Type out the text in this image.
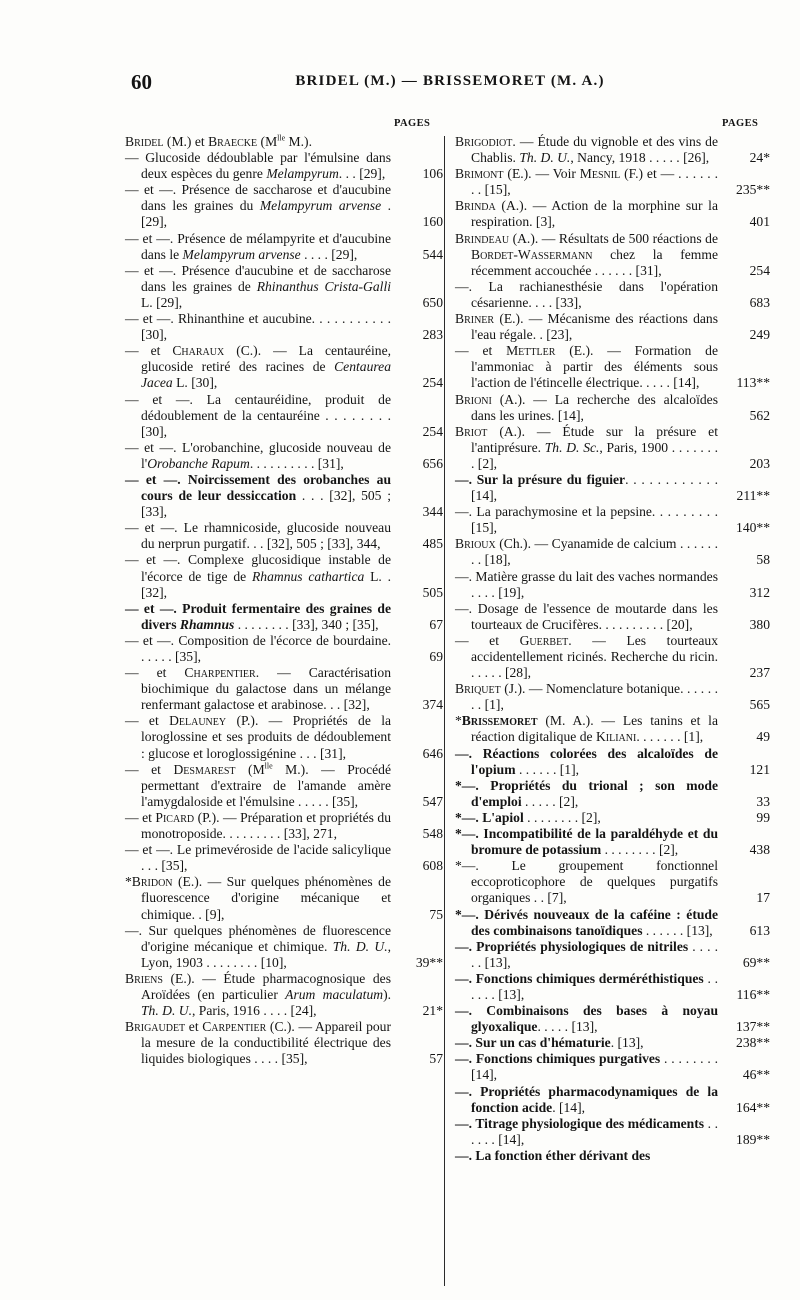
60	BRIDEL (M.) — BRISSEMORET (M. A.)
PAGES	PAGES
Bridel (M.) et Braecke ($M^{lle}$ M.).
— Glucoside dédoublable par l'émulsine dans deux espèces du genre Melampyrum. . . [29],	106
— et —. Présence de saccharose et d'aucubine dans les graines du Melampyrum arvense . [29],	160
— et —. Présence de mélampyrite et d'aucubine dans le Melampyrum arvense . . . . [29],	544
— et —. Présence d'aucubine et de saccharose dans les graines de Rhinanthus Crista-Galli L. [29],	650
— et —. Rhinanthine et aucubine. . . . . . . . . . . [30],	283
— et Charaux (C.). — La centauréine, glucoside retiré des racines de Centaurea Jacea L. [30],	254
— et —. La centauréidine, produit de dédoublement de la centauréine . . . . . . . . [30],	254
— et —. L'orobanchine, glucoside nouveau de l'Orobanche Rapum. . . . . . . . . . [31],	656
— et —. Noircissement des orobanches au cours de leur dessiccation . . . [32], 505 ; [33],	344
— et —. Le rhamnicoside, glucoside nouveau du nerprun purgatif. . . [32], 505 ; [33], 344,	485
— et —. Complexe glucosidique instable de l'écorce de tige de Rhamnus cathartica L. . [32],	505
— et —. Produit fermentaire des graines de divers Rhamnus . . . . . . . . [33], 340 ; [35],	67
— et —. Composition de l'écorce de bourdaine. . . . . . [35],	69
— et Charpentier. — Caractérisation biochimique du galactose dans un mélange renfermant galactose et arabinose. . . [32],	374
— et Delauney (P.). — Propriétés de la loroglossine et ses produits de dédoublement : glucose et loroglossigénine . . . [31],	646
— et Desmarest ($M^{lle}$ M.). — Procédé permettant d'extraire de l'amande amère l'amygdaloside et l'émulsine . . . . . [35],	547
— et Picard (P.). — Préparation et propriétés du monotroposide. . . . . . . . . [33], 271,	548
— et —. Le primevéroside de l'acide salicylique . . . [35],	608
*Bridon (E.). — Sur quelques phénomènes de fluorescence d'origine mécanique et chimique. . [9],	75
—. Sur quelques phénomènes de fluorescence d'origine mécanique et chimique. Th. D. U., Lyon, 1903 . . . . . . . . [10],	39**
Briens (E.). — Étude pharmacognosique des Aroïdées (en particulier Arum maculatum). Th. D. U., Paris, 1916 . . . . [24],	21*
Brigaudet et Carpentier (C.). — Appareil pour la mesure de la conductibilité électrique des liquides biologiques . . . . [35],	57
Brigodiot. — Étude du vignoble et des vins de Chablis. Th. D. U., Nancy, 1918 . . . . . [26],	24*
Brimont (E.). — Voir Mesnil (F.) et — . . . . . . . . [15],	235**
Brinda (A.). — Action de la morphine sur la respiration. [3],	401
Brindeau (A.). — Résultats de 500 réactions de Bordet-Wassermann chez la femme récemment accouchée . . . . . . [31],	254
—. La rachianesthésie dans l'opération césarienne. . . . [33],	683
Briner (E.). — Mécanisme des réactions dans l'eau régale. . [23],	249
— et Mettler (E.). — Formation de l'ammoniac à partir des éléments sous l'action de l'étincelle électrique. . . . . [14],	113**
Brioni (A.). — La recherche des alcaloïdes dans les urines. [14],	562
Briot (A.). — Étude sur la présure et l'antiprésure. Th. D. Sc., Paris, 1900 . . . . . . . . [2],	203
—. Sur la présure du figuier. . . . . . . . . . . . [14],	211**
—. La parachymosine et la pepsine. . . . . . . . . [15],	140**
Brioux (Ch.). — Cyanamide de calcium . . . . . . . . [18],	58
—. Matière grasse du lait des vaches normandes . . . . [19],	312
—. Dosage de l'essence de moutarde dans les tourteaux de Crucifères. . . . . . . . . . [20],	380
— et Guerbet. — Les tourteaux accidentellement ricinés. Recherche du ricin. . . . . . [28],	237
Briquet (J.). — Nomenclature botanique. . . . . . . . [1],	565
*Brissemoret (M. A.). — Les tanins et la réaction digitalique de Kiliani. . . . . . . [1],	49
—. Réactions colorées des alcaloïdes de l'opium . . . . . . [1],	121
*—. Propriétés du trional ; son mode d'emploi . . . . . [2],	33
*—. L'apiol . . . . . . . . [2],	99
*—. Incompatibilité de la paraldéhyde et du bromure de potassium . . . . . . . . [2],	438
*—. Le groupement fonctionnel eccoproticophore de quelques purgatifs organiques . . [7],	17
*—. Dérivés nouveaux de la caféine : étude des combinaisons tanoïdiques . . . . . . [13],	613
—. Propriétés physiologiques de nitriles . . . . . . [13],	69**
—. Fonctions chimiques derméréthistiques . . . . . . [13],	116**
—. Combinaisons des bases à noyau glyoxalique. . . . . [13],	137**
—. Sur un cas d'hématurie. [13],	238**
—. Fonctions chimiques purgatives . . . . . . . . [14],	46**
—. Propriétés pharmacodynamiques de la fonction acide. [14],	164**
—. Titrage physiologique des médicaments . . . . . . [14],	189**
—. La fonction éther dérivant des
